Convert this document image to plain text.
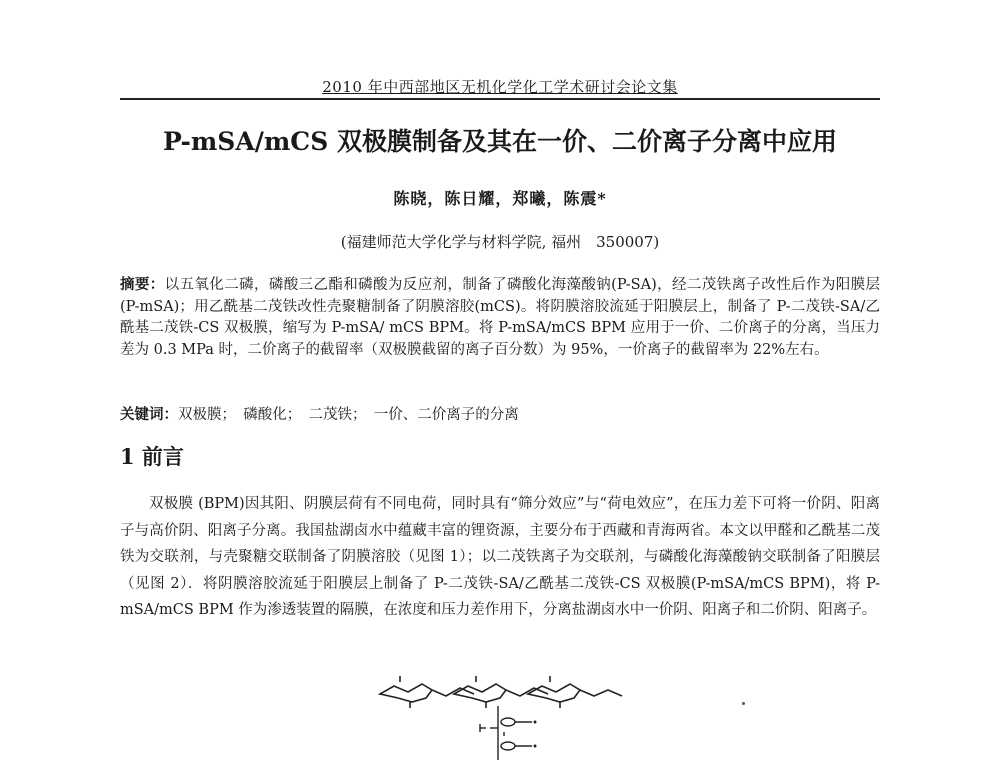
2010 年中西部地区无机化学化工学术研讨会论文集
P-mSA/mCS 双极膜制备及其在一价、二价离子分离中应用
陈晓，陈日耀，郑曦，陈震*
(福建师范大学化学与材料学院, 福州　350007)
摘要：以五氧化二磷，磷酸三乙酯和磷酸为反应剂，制备了磷酸化海藻酸钠(P-SA)，经二茂铁离子改性后作为阳膜层(P-mSA)；用乙酰基二茂铁改性壳聚糖制备了阴膜溶胶(mCS)。将阴膜溶胶流延于阳膜层上，制备了 P-二茂铁-SA/乙酰基二茂铁-CS 双极膜，缩写为 P-mSA/ mCS BPM。将 P-mSA/mCS BPM 应用于一价、二价离子的分离，当压力差为 0.3 MPa 时，二价离子的截留率（双极膜截留的离子百分数）为 95%，一价离子的截留率为 22%左右。
关键词：双极膜；　磷酸化；　二茂铁；　一价、二价离子的分离
1 前言
双极膜 (BPM)因其阳、阴膜层荷有不同电荷，同时具有“筛分效应”与“荷电效应”，在压力差下可将一价阴、阳离子与高价阴、阳离子分离。我国盐湖卤水中蕴藏丰富的锂资源，主要分布于西藏和青海两省。本文以甲醛和乙酰基二茂铁为交联剂，与壳聚糖交联制备了阴膜溶胶（见图 1）；以二茂铁离子为交联剂，与磷酸化海藻酸钠交联制备了阳膜层（见图 2）．将阴膜溶胶流延于阳膜层上制备了 P-二茂铁-SA/乙酰基二茂铁-CS 双极膜(P-mSA/mCS BPM)，将 P-mSA/mCS BPM 作为渗透装置的隔膜，在浓度和压力差作用下，分离盐湖卤水中一价阴、阳离子和二价阴、阳离子。
